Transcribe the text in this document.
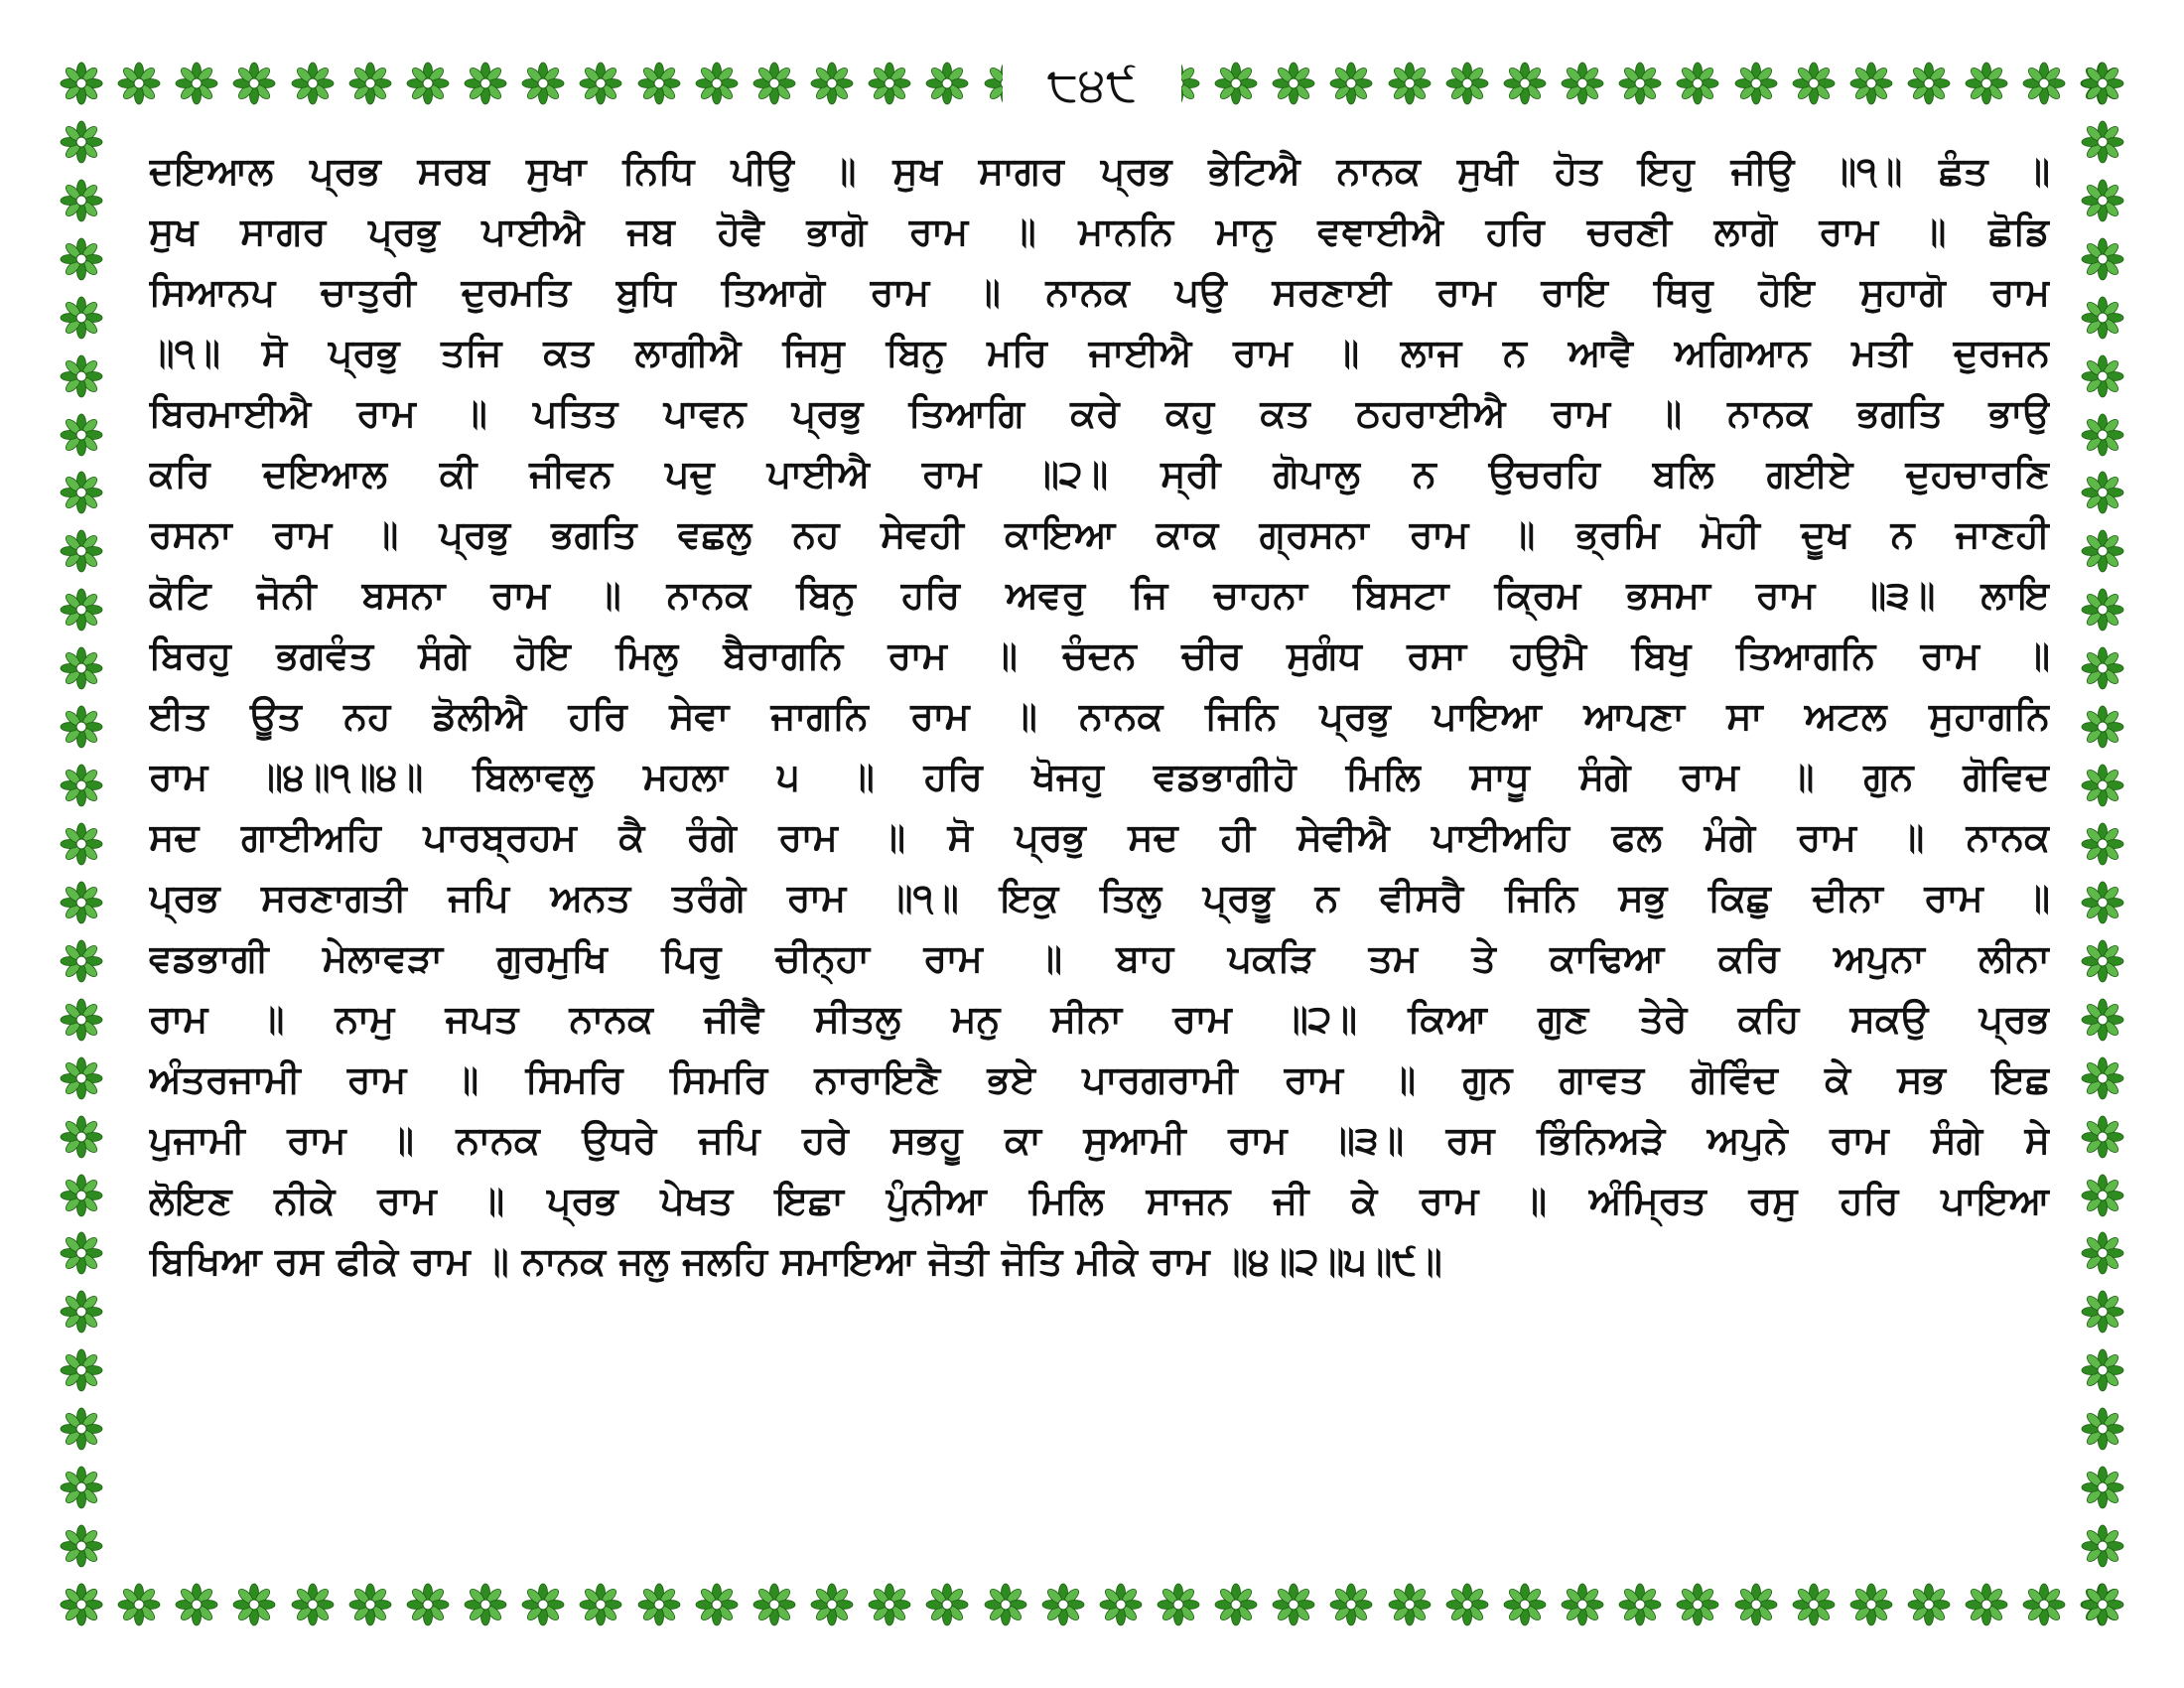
੮੪੯
ਦਇਆਲ ਪ੍ਰਭ ਸਰਬ ਸੁਖਾ ਨਿਧਿ ਪੀਉ ॥ ਸੁਖ ਸਾਗਰ ਪ੍ਰਭ ਭੇਟਿਐ ਨਾਨਕ ਸੁਖੀ ਹੋਤ ਇਹੁ ਜੀਉ ॥੧॥ ਛੰਤ ॥
ਸੁਖ ਸਾਗਰ ਪ੍ਰਭੁ ਪਾਈਐ ਜਬ ਹੋਵੈ ਭਾਗੋ ਰਾਮ ॥ ਮਾਨਨਿ ਮਾਨੁ ਵਞਾਈਐ ਹਰਿ ਚਰਣੀ ਲਾਗੋ ਰਾਮ ॥ ਛੋਡਿ
ਸਿਆਨਪ ਚਾਤੁਰੀ ਦੁਰਮਤਿ ਬੁਧਿ ਤਿਆਗੋ ਰਾਮ ॥ ਨਾਨਕ ਪਉ ਸਰਣਾਈ ਰਾਮ ਰਾਇ ਥਿਰੁ ਹੋਇ ਸੁਹਾਗੋ ਰਾਮ
॥੧॥ ਸੋ ਪ੍ਰਭੁ ਤਜਿ ਕਤ ਲਾਗੀਐ ਜਿਸੁ ਬਿਨੁ ਮਰਿ ਜਾਈਐ ਰਾਮ ॥ ਲਾਜ ਨ ਆਵੈ ਅਗਿਆਨ ਮਤੀ ਦੁਰਜਨ
ਬਿਰਮਾਈਐ ਰਾਮ ॥ ਪਤਿਤ ਪਾਵਨ ਪ੍ਰਭੁ ਤਿਆਗਿ ਕਰੇ ਕਹੁ ਕਤ ਠਹਰਾਈਐ ਰਾਮ ॥ ਨਾਨਕ ਭਗਤਿ ਭਾਉ
ਕਰਿ ਦਇਆਲ ਕੀ ਜੀਵਨ ਪਦੁ ਪਾਈਐ ਰਾਮ ॥੨॥ ਸ੍ਰੀ ਗੋਪਾਲੁ ਨ ਉਚਰਹਿ ਬਲਿ ਗਈਏ ਦੁਹਚਾਰਣਿ
ਰਸਨਾ ਰਾਮ ॥ ਪ੍ਰਭੁ ਭਗਤਿ ਵਛਲੁ ਨਹ ਸੇਵਹੀ ਕਾਇਆ ਕਾਕ ਗ੍ਰਸਨਾ ਰਾਮ ॥ ਭ੍ਰਮਿ ਮੋਹੀ ਦੂਖ ਨ ਜਾਣਹੀ
ਕੋਟਿ ਜੋਨੀ ਬਸਨਾ ਰਾਮ ॥ ਨਾਨਕ ਬਿਨੁ ਹਰਿ ਅਵਰੁ ਜਿ ਚਾਹਨਾ ਬਿਸਟਾ ਕ੍ਰਿਮ ਭਸਮਾ ਰਾਮ ॥੩॥ ਲਾਇ
ਬਿਰਹੁ ਭਗਵੰਤ ਸੰਗੇ ਹੋਇ ਮਿਲੁ ਬੈਰਾਗਨਿ ਰਾਮ ॥ ਚੰਦਨ ਚੀਰ ਸੁਗੰਧ ਰਸਾ ਹਉਮੈ ਬਿਖੁ ਤਿਆਗਨਿ ਰਾਮ ॥
ਈਤ ਊਤ ਨਹ ਡੋਲੀਐ ਹਰਿ ਸੇਵਾ ਜਾਗਨਿ ਰਾਮ ॥ ਨਾਨਕ ਜਿਨਿ ਪ੍ਰਭੁ ਪਾਇਆ ਆਪਣਾ ਸਾ ਅਟਲ ਸੁਹਾਗਨਿ
ਰਾਮ ॥੪॥੧॥੪॥ ਬਿਲਾਵਲੁ ਮਹਲਾ ੫ ॥ ਹਰਿ ਖੋਜਹੁ ਵਡਭਾਗੀਹੋ ਮਿਲਿ ਸਾਧੂ ਸੰਗੇ ਰਾਮ ॥ ਗੁਨ ਗੋਵਿਦ
ਸਦ ਗਾਈਅਹਿ ਪਾਰਬ੍ਰਹਮ ਕੈ ਰੰਗੇ ਰਾਮ ॥ ਸੋ ਪ੍ਰਭੁ ਸਦ ਹੀ ਸੇਵੀਐ ਪਾਈਅਹਿ ਫਲ ਮੰਗੇ ਰਾਮ ॥ ਨਾਨਕ
ਪ੍ਰਭ ਸਰਣਾਗਤੀ ਜਪਿ ਅਨਤ ਤਰੰਗੇ ਰਾਮ ॥੧॥ ਇਕੁ ਤਿਲੁ ਪ੍ਰਭੂ ਨ ਵੀਸਰੈ ਜਿਨਿ ਸਭੁ ਕਿਛੁ ਦੀਨਾ ਰਾਮ ॥
ਵਡਭਾਗੀ ਮੇਲਾਵੜਾ ਗੁਰਮੁਖਿ ਪਿਰੁ ਚੀਨ੍ਹਾ ਰਾਮ ॥ ਬਾਹ ਪਕੜਿ ਤਮ ਤੇ ਕਾਢਿਆ ਕਰਿ ਅਪੁਨਾ ਲੀਨਾ
ਰਾਮ ॥ ਨਾਮੁ ਜਪਤ ਨਾਨਕ ਜੀਵੈ ਸੀਤਲੁ ਮਨੁ ਸੀਨਾ ਰਾਮ ॥੨॥ ਕਿਆ ਗੁਣ ਤੇਰੇ ਕਹਿ ਸਕਉ ਪ੍ਰਭ
ਅੰਤਰਜਾਮੀ ਰਾਮ ॥ ਸਿਮਰਿ ਸਿਮਰਿ ਨਾਰਾਇਣੈ ਭਏ ਪਾਰਗਰਾਮੀ ਰਾਮ ॥ ਗੁਨ ਗਾਵਤ ਗੋਵਿੰਦ ਕੇ ਸਭ ਇਛ
ਪੁਜਾਮੀ ਰਾਮ ॥ ਨਾਨਕ ਉਧਰੇ ਜਪਿ ਹਰੇ ਸਭਹੂ ਕਾ ਸੁਆਮੀ ਰਾਮ ॥੩॥ ਰਸ ਭਿੰਨਿਅੜੇ ਅਪੁਨੇ ਰਾਮ ਸੰਗੇ ਸੇ
ਲੋਇਣ ਨੀਕੇ ਰਾਮ ॥ ਪ੍ਰਭ ਪੇਖਤ ਇਛਾ ਪੁੰਨੀਆ ਮਿਲਿ ਸਾਜਨ ਜੀ ਕੇ ਰਾਮ ॥ ਅੰਮ੍ਰਿਤ ਰਸੁ ਹਰਿ ਪਾਇਆ
ਬਿਖਿਆ ਰਸ ਫੀਕੇ ਰਾਮ ॥ ਨਾਨਕ ਜਲੁ ਜਲਹਿ ਸਮਾਇਆ ਜੋਤੀ ਜੋਤਿ ਮੀਕੇ ਰਾਮ ॥੪॥੨॥੫॥੯॥
